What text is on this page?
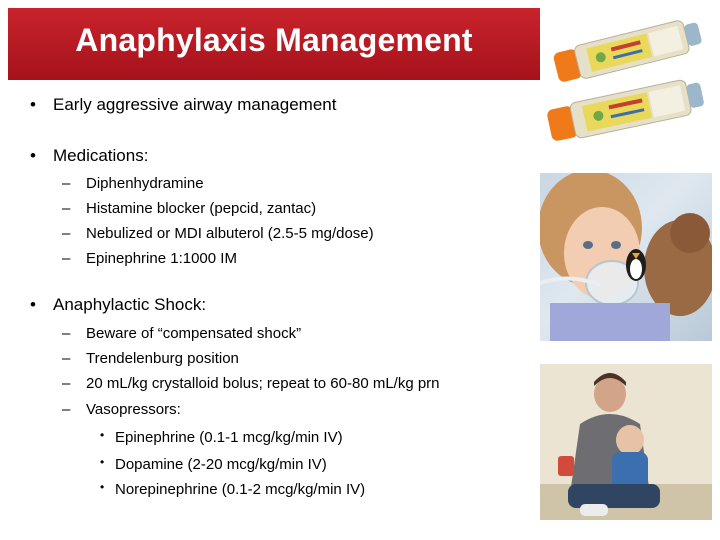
Anaphylaxis Management
• Early aggressive airway management
• Medications:
– Diphenhydramine
– Histamine blocker (pepcid, zantac)
– Nebulized or MDI albuterol (2.5-5 mg/dose)
– Epinephrine 1:1000 IM
• Anaphylactic Shock:
– Beware of “compensated shock”
– Trendelenburg position
– 20 mL/kg crystalloid bolus; repeat to 60-80 mL/kg prn
– Vasopressors:
• Epinephrine (0.1-1 mcg/kg/min IV)
• Dopamine (2-20 mcg/kg/min IV)
• Norepinephrine (0.1-2 mcg/kg/min IV)
